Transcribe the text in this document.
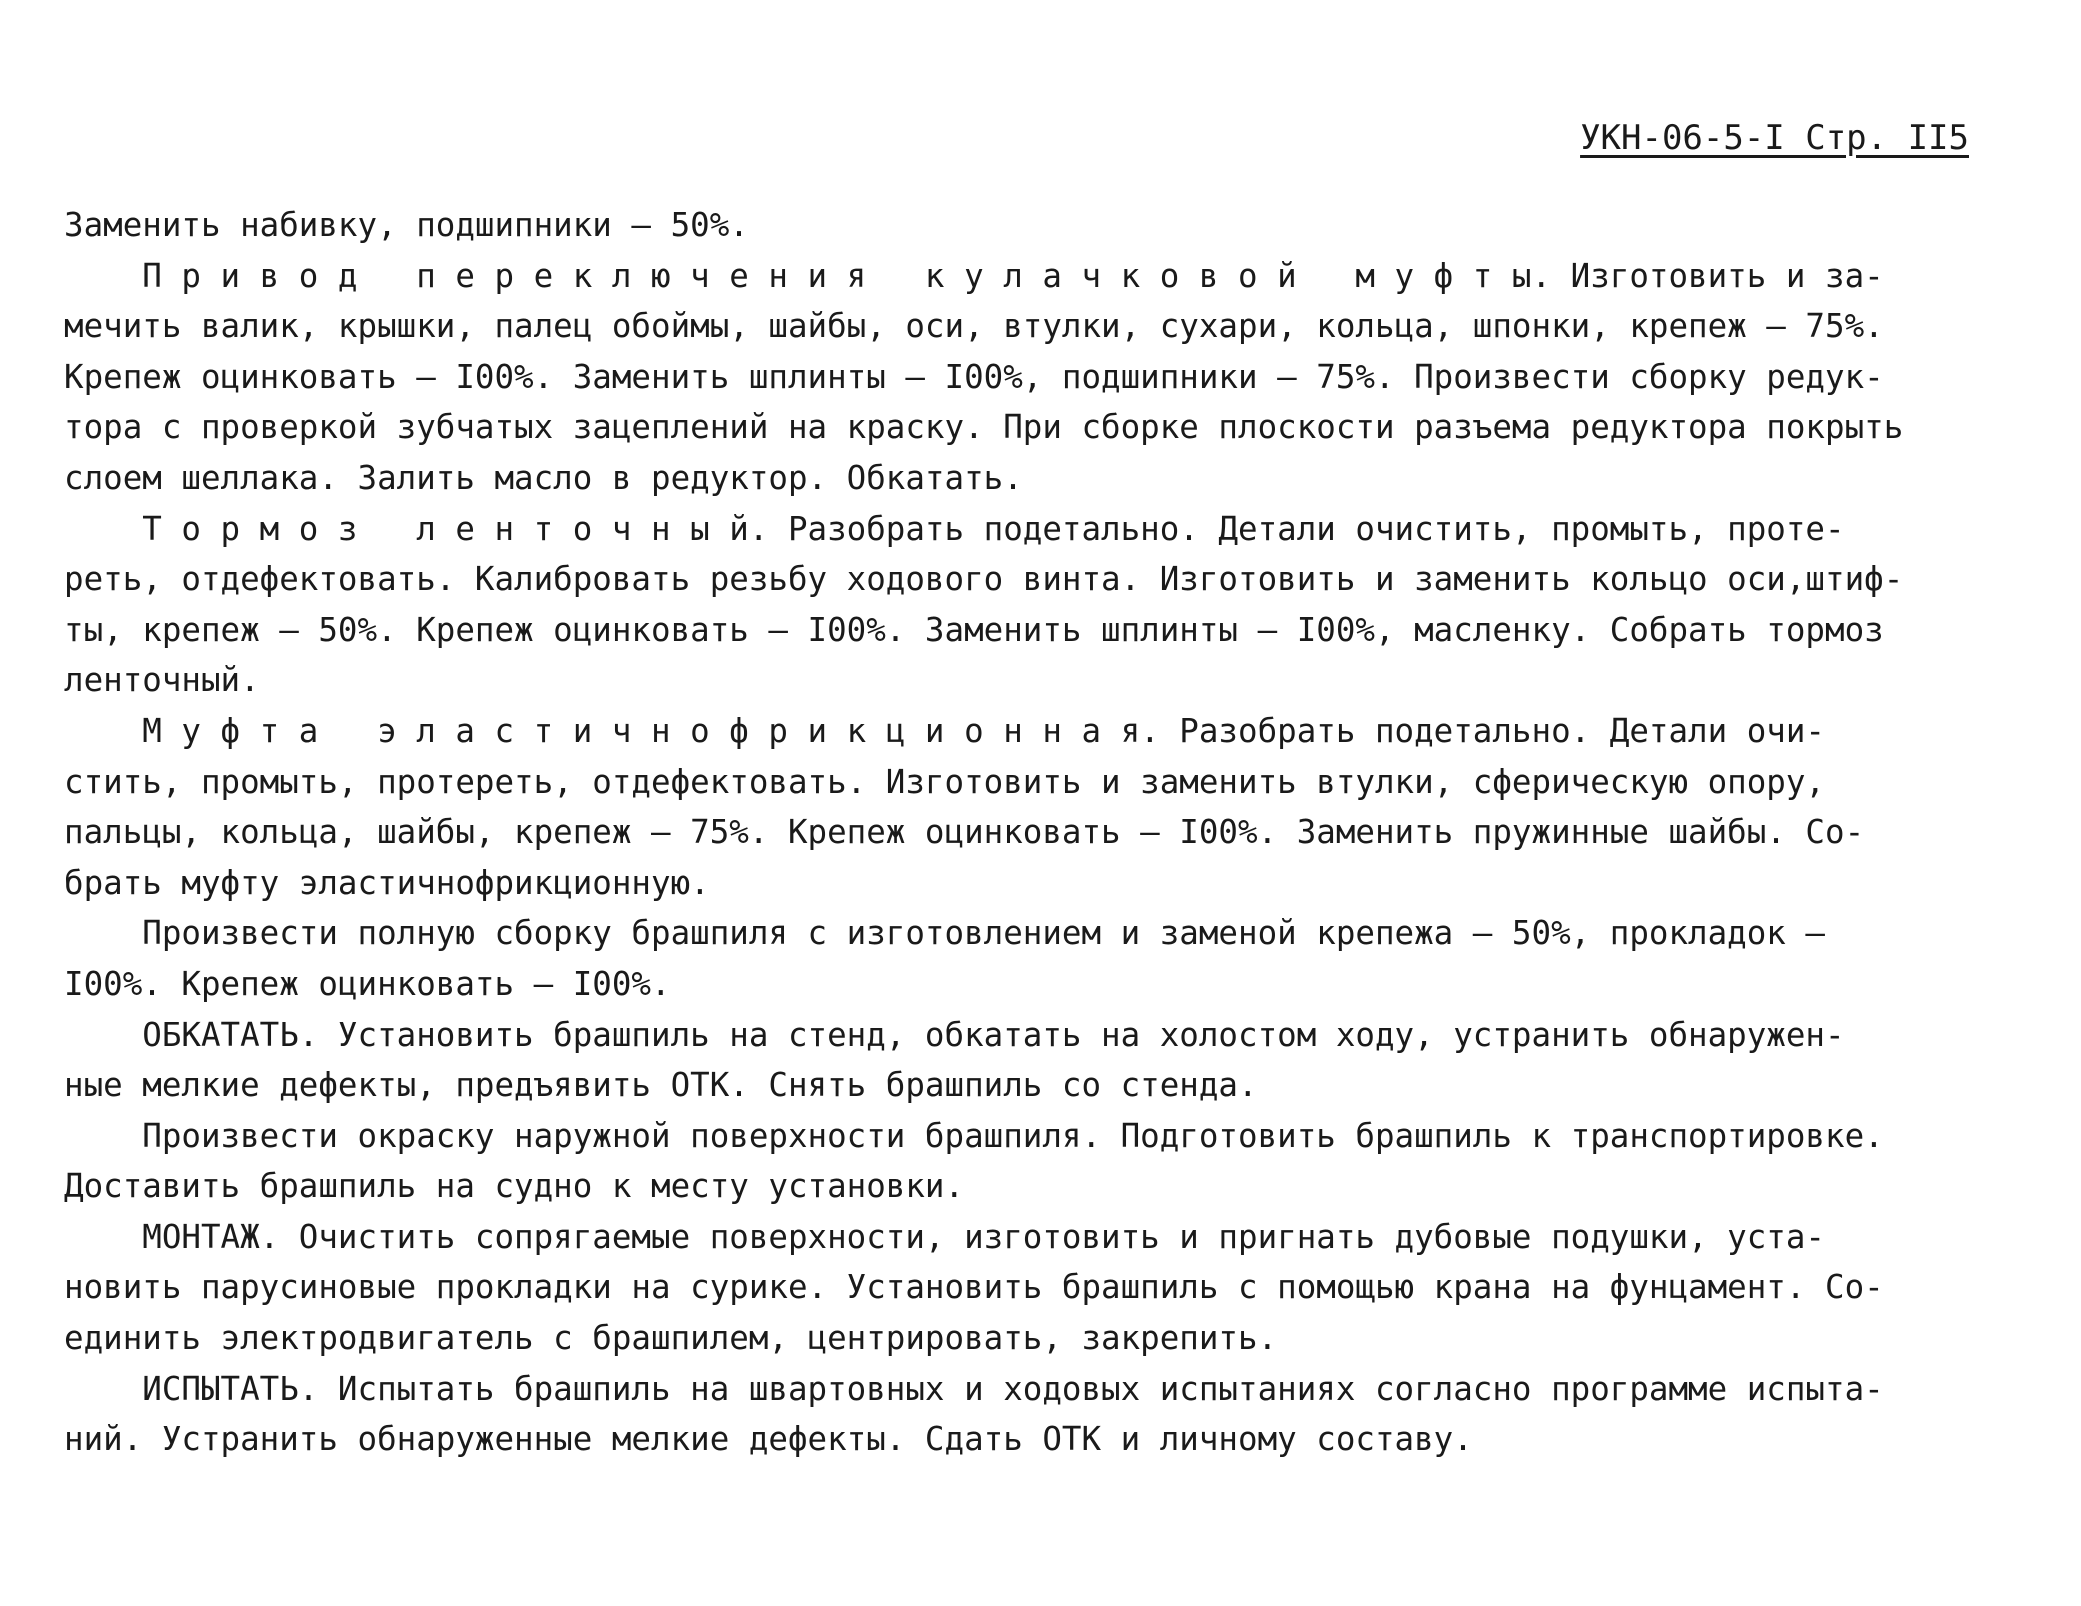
УКН-06-5-I Стр. II5
Заменить набивку, подшипники – 50%.
П р и в о д   п е р е к л ю ч е н и я   к у л а ч к о в о й   м у ф т ы. Изготовить и за-
мечить валик, крышки, палец обоймы, шайбы, оси, втулки, сухари, кольца, шпонки, крепеж – 75%.
Крепеж оцинковать – I00%. Заменить шплинты – I00%, подшипники – 75%. Произвести сборку редук-
тора с проверкой зубчатых зацеплений на краску. При сборке плоскости разъема редуктора покрыть
слоем шеллака. Залить масло в редуктор. Обкатать.
Т о р м о з   л е н т о ч н ы й. Разобрать подетально. Детали очистить, промыть, проте-
реть, отдефектовать. Калибровать резьбу ходового винта. Изготовить и заменить кольцо оси,штиф-
ты, крепеж – 50%. Крепеж оцинковать – I00%. Заменить шплинты – I00%, масленку. Собрать тормоз
ленточный.
М у ф т а   э л а с т и ч н о ф р и к ц и о н н а я. Разобрать подетально. Детали очи-
стить, промыть, протереть, отдефектовать. Изготовить и заменить втулки, сферическую опору,
пальцы, кольца, шайбы, крепеж – 75%. Крепеж оцинковать – I00%. Заменить пружинные шайбы. Со-
брать муфту эластичнофрикционную.
Произвести полную сборку брашпиля с изготовлением и заменой крепежа – 50%, прокладок –
I00%. Крепеж оцинковать – I00%.
ОБКАТАТЬ. Установить брашпиль на стенд, обкатать на холостом ходу, устранить обнаружен-
ные мелкие дефекты, предъявить ОТК. Снять брашпиль со стенда.
Произвести окраску наружной поверхности брашпиля. Подготовить брашпиль к транспортировке.
Доставить брашпиль на судно к месту установки.
МОНТАЖ. Очистить сопрягаемые поверхности, изготовить и пригнать дубовые подушки, уста-
новить парусиновые прокладки на сурике. Установить брашпиль с помощью крана на фунцамент. Со-
единить электродвигатель с брашпилем, центрировать, закрепить.
ИСПЫТАТЬ. Испытать брашпиль на швартовных и ходовых испытаниях согласно программе испыта-
ний. Устранить обнаруженные мелкие дефекты. Сдать ОТК и личному составу.
